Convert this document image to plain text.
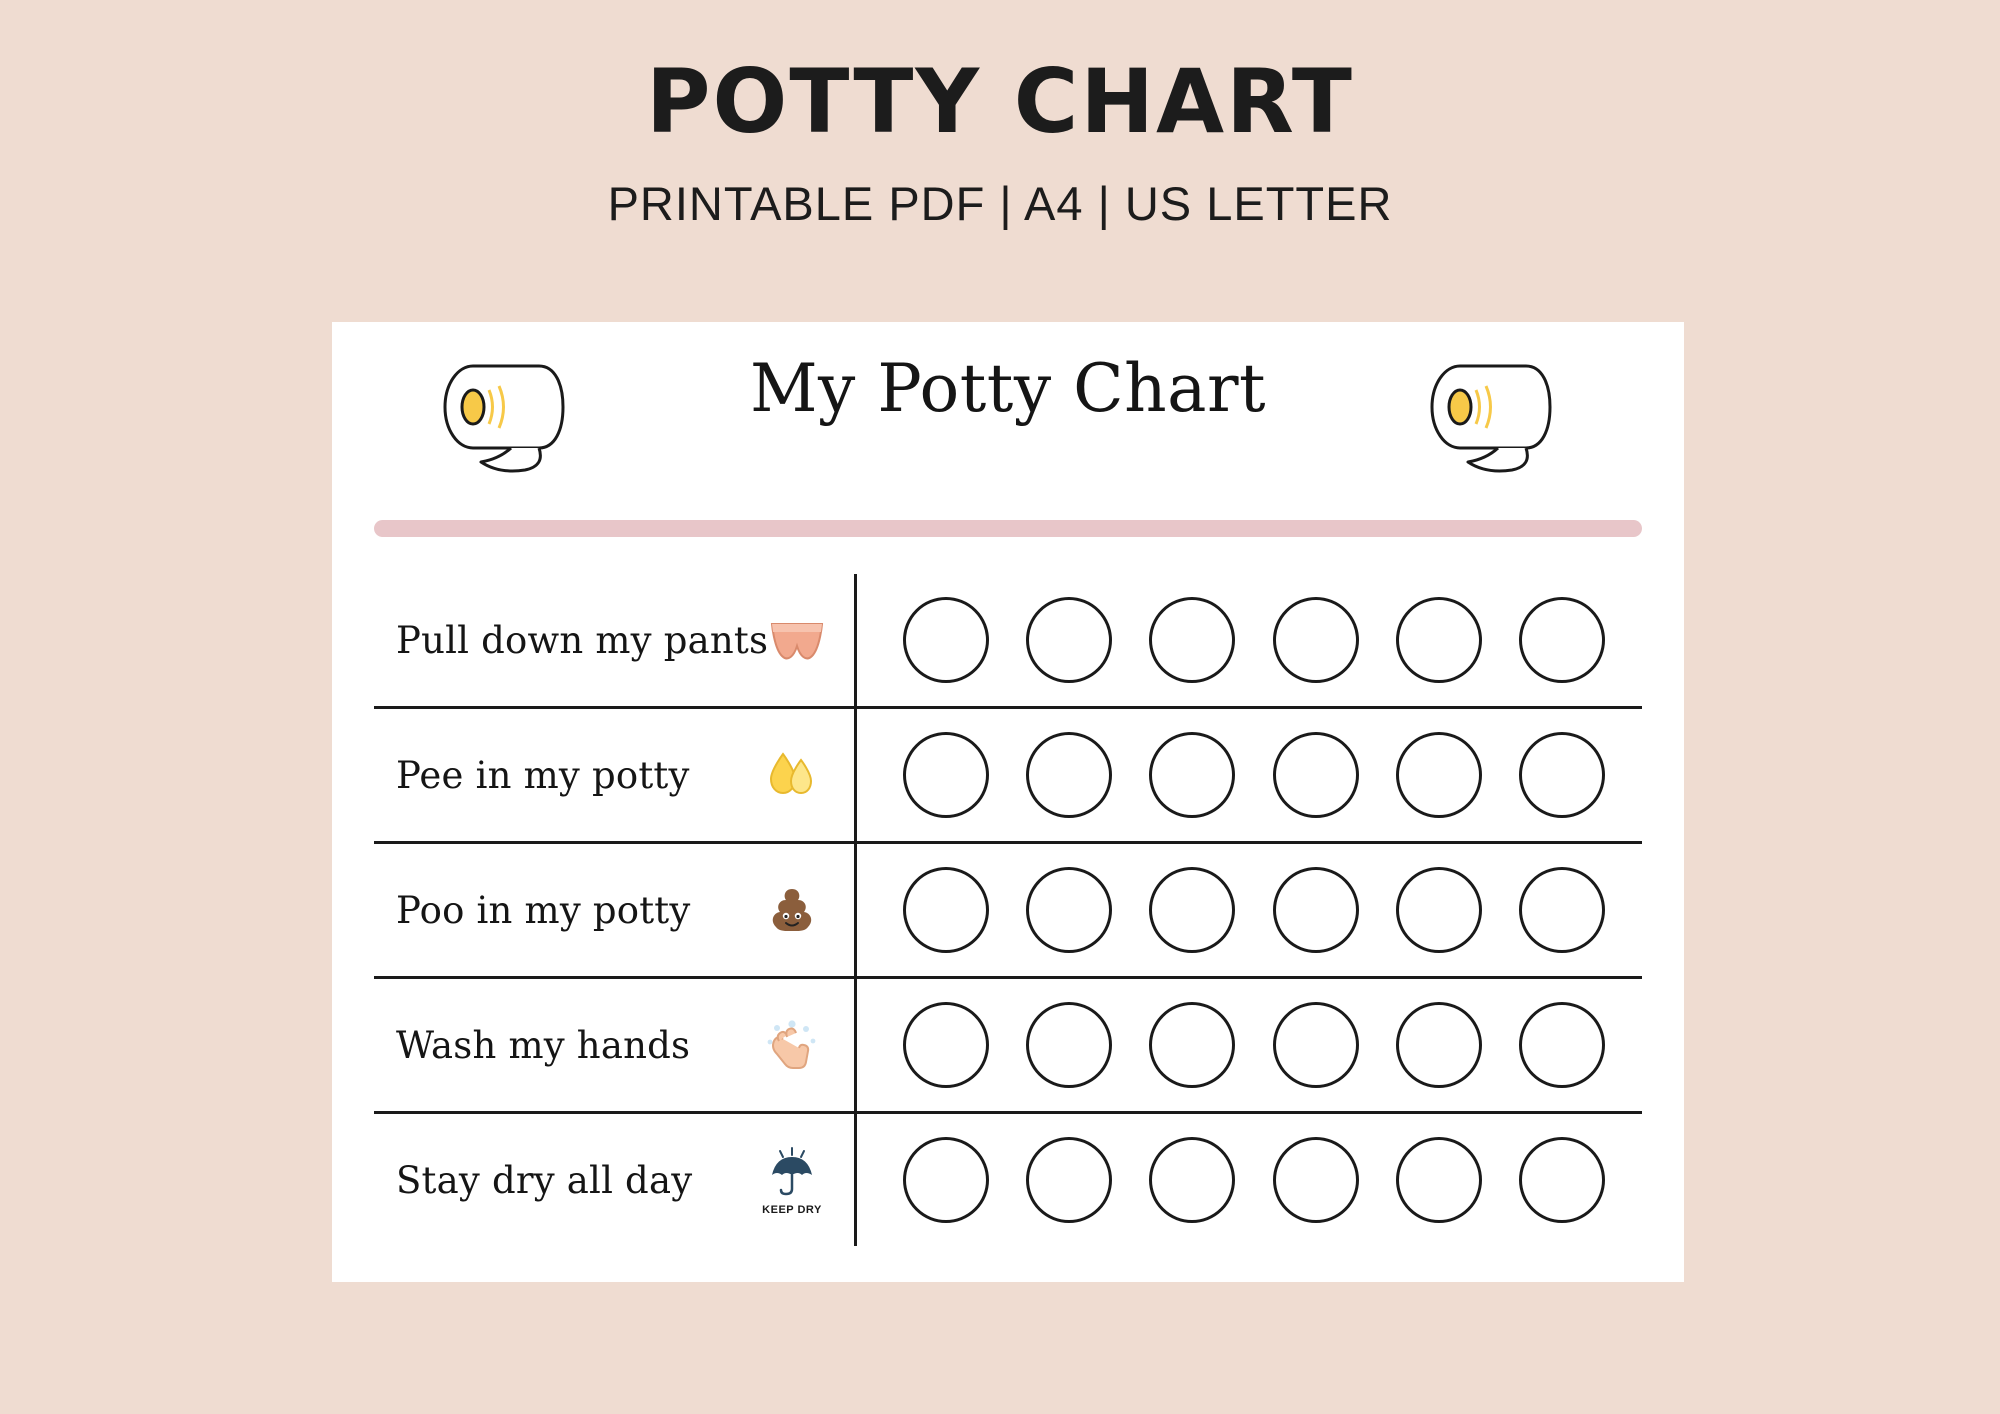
POTTY CHART
PRINTABLE PDF | A4 | US LETTER
My Potty Chart
Pull down my pants
Pee in my potty
Poo in my potty
Wash my hands
Stay dry all day
KEEP DRY
